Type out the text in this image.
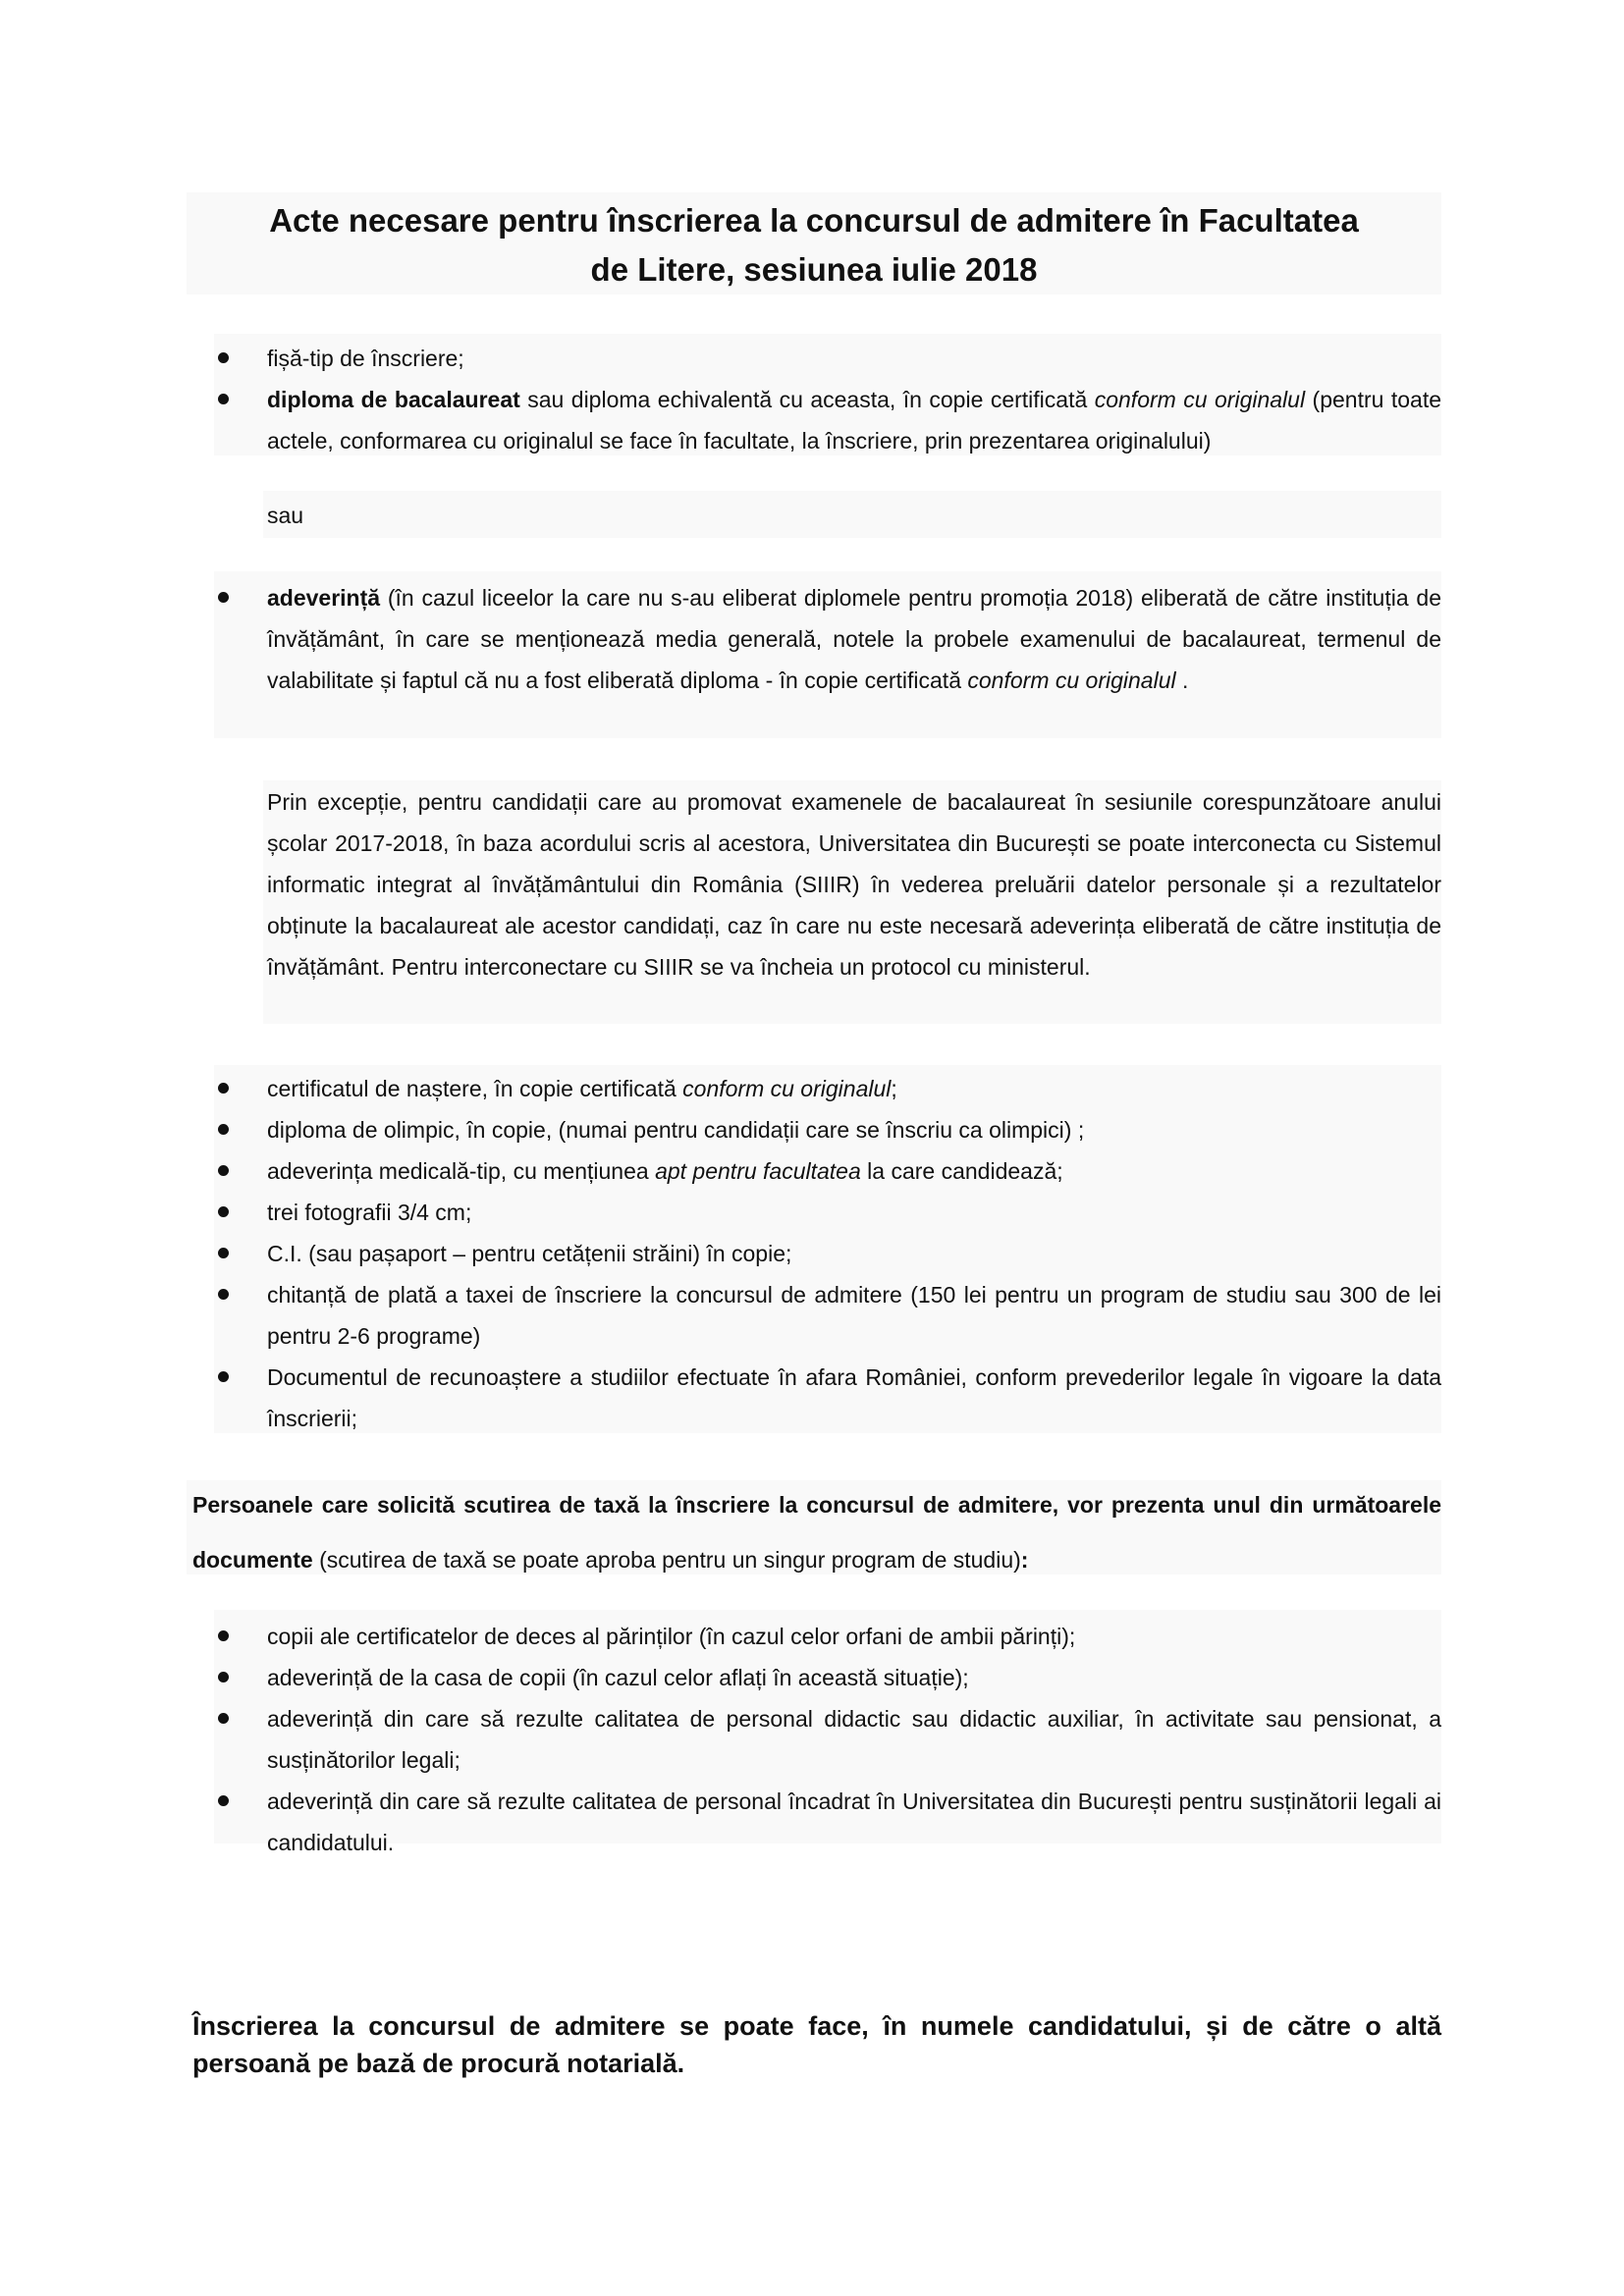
Acte necesare pentru înscrierea la concursul de admitere în Facultatea
de Litere, sesiunea iulie 2018
fișă-tip de înscriere;
diploma de bacalaureat sau diploma echivalentă cu aceasta, în copie certificată conform cu originalul (pentru toate actele, conformarea cu originalul se face în facultate, la înscriere, prin prezentarea originalului)
sau
adeverință (în cazul liceelor la care nu s-au eliberat diplomele pentru promoția 2018) eliberată de către instituția de învățământ, în care se menționează media generală, notele la probele examenului de bacalaureat, termenul de valabilitate și faptul că nu a fost eliberată diploma - în copie certificată conform cu originalul .
Prin excepție, pentru candidații care au promovat examenele de bacalaureat în sesiunile corespunzătoare anului școlar 2017-2018, în baza acordului scris al acestora, Universitatea din București se poate interconecta cu Sistemul informatic integrat al învățământului din România (SIIIR) în vederea preluării datelor personale și a rezultatelor obținute la bacalaureat ale acestor candidați, caz în care nu este necesară adeverința eliberată de către instituția de învățământ. Pentru interconectare cu SIIIR se va încheia un protocol cu ministerul.
certificatul de naștere, în copie certificată conform cu originalul;
diploma de olimpic, în copie, (numai pentru candidații care se înscriu ca olimpici) ;
adeverința medicală-tip, cu mențiunea apt pentru facultatea la care candidează;
trei fotografii 3/4 cm;
C.I. (sau pașaport – pentru cetățenii străini) în copie;
chitanță de plată a taxei de înscriere la concursul de admitere (150 lei pentru un program de studiu sau 300 de lei pentru 2-6 programe)
Documentul de recunoaștere a studiilor efectuate în afara României, conform prevederilor legale în vigoare la data înscrierii;
Persoanele care solicită scutirea de taxă la înscriere la concursul de admitere, vor prezenta unul din următoarele documente (scutirea de taxă se poate aproba pentru un singur program de studiu):
copii ale certificatelor de deces al părinților (în cazul celor orfani de ambii părinți);
adeverință de la casa de copii (în cazul celor aflați în această situație);
adeverință din care să rezulte calitatea de personal didactic sau didactic auxiliar, în activitate sau pensionat, a susținătorilor legali;
adeverință din care să rezulte calitatea de personal încadrat în Universitatea din București pentru susținătorii legali ai candidatului.
Înscrierea la concursul de admitere se poate face, în numele candidatului, și de către o altă persoană pe bază de procură notarială.
